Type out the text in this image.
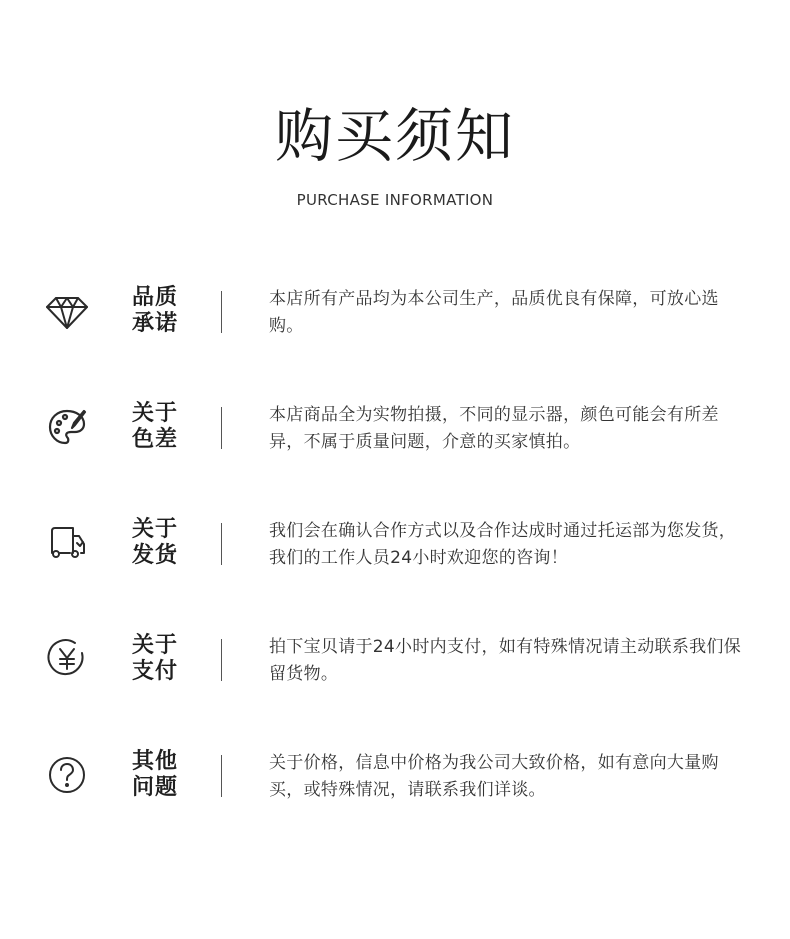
购买须知
PURCHASE INFORMATION
品质
承诺
本店所有产品均为本公司生产，品质优良有保障，可放心选购。
关于
色差
本店商品全为实物拍摄，不同的显示器，颜色可能会有所差异，不属于质量问题，介意的买家慎拍。
关于
发货
我们会在确认合作方式以及合作达成时通过托运部为您发货，我们的工作人员24小时欢迎您的咨询！
关于
支付
拍下宝贝请于24小时内支付，如有特殊情况请主动联系我们保留货物。
其他
问题
关于价格，信息中价格为我公司大致价格，如有意向大量购买，或特殊情况，请联系我们详谈。
